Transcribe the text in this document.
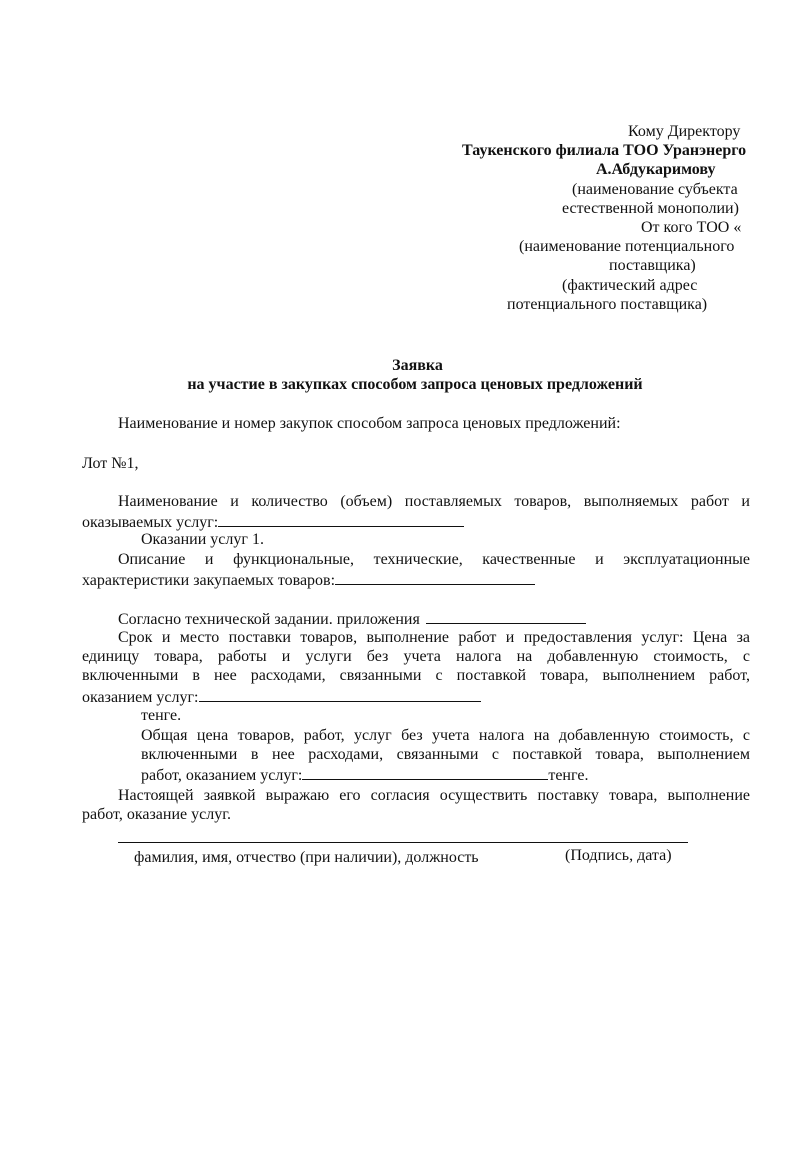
Кому Директору
Таукенского филиала ТОО Уранэнерго
А.Абдукаримову
(наименование субъекта
естественной монополии)
От кого ТОО «
(наименование потенциального
поставщика)
(фактический адрес
потенциального поставщика)
Заявка
на участие в закупках способом запроса ценовых предложений
Наименование и номер закупок способом запроса ценовых предложений:
Лот №1,
Наименование и количество (объем) поставляемых товаров, выполняемых работ и
оказываемых услуг:
Оказании услуг 1.
Описание и функциональные, технические, качественные и эксплуатационные
характеристики закупаемых товаров:
Согласно технической задании. приложения
Срок и место поставки товаров, выполнение работ и предоставления услуг: Цена за
единицу товара, работы и услуги без учета налога на добавленную стоимость, с
включенными в нее расходами, связанными с поставкой товара, выполнением работ,
оказанием услуг:
тенге.
Общая цена товаров, работ, услуг без учета налога на добавленную стоимость, с
включенными в нее расходами, связанными с поставкой товара, выполнением
работ, оказанием услуг:	тенге.
Настоящей заявкой выражаю его согласия осуществить поставку товара, выполнение
работ, оказание услуг.
фамилия, имя, отчество (при наличии), должность	(Подпись, дата)
